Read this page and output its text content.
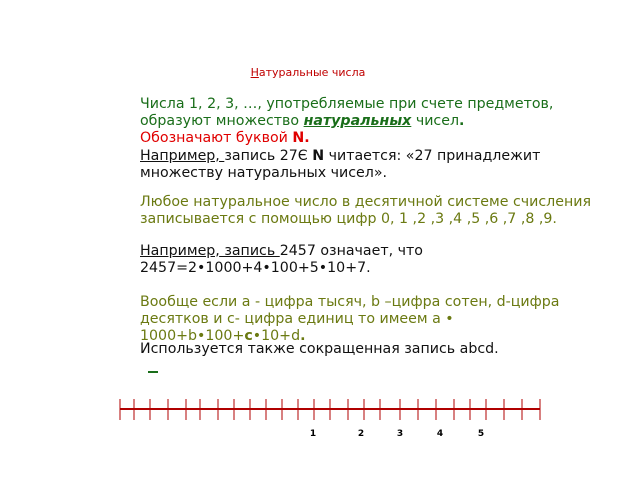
Натуральные числа

Числа 1, 2, 3, …, употребляемые при счете предметов, образуют множество натуральных чисел.

Обозначают буквой N.

Например, запись 27Є N читается: «27 принадлежит множеству натуральных чисел».

Любое натуральное число в десятичной системе счисления записывается с помощью цифр 0, 1 ,2 ,3 ,4 ,5 ,6 ,7 ,8 ,9.

Например, запись 2457 означает, что 2457=2•1000+4•100+5•10+7.

Вообще если а - цифра тысяч, b –цифра сотен, d-цифра десятков и с- цифра единиц то имеем а • 1000+b•100+c•10+d.

Используется также сокращенная запись abcd.

1	2	3	4	5
